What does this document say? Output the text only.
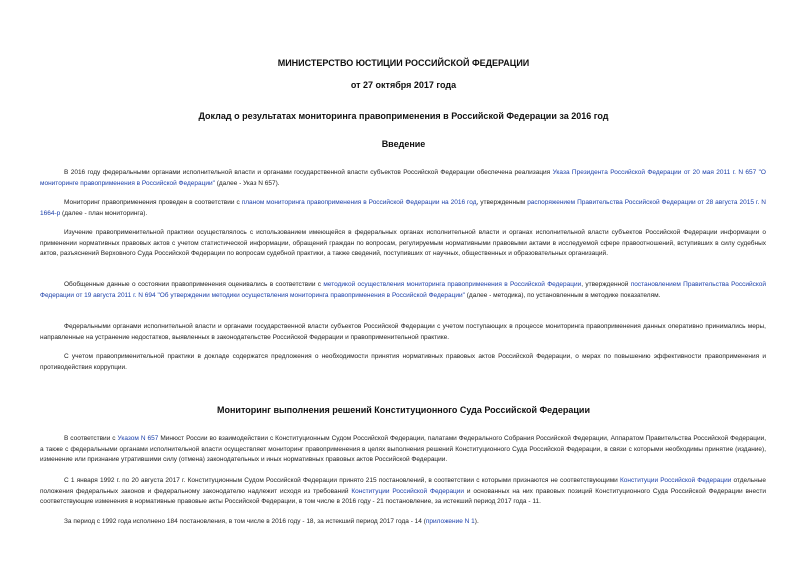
МИНИСТЕРСТВО ЮСТИЦИИ РОССИЙСКОЙ ФЕДЕРАЦИИ
от 27 октября 2017 года
Доклад о результатах мониторинга правоприменения в Российской Федерации за 2016 год
Введение
В 2016 году федеральными органами исполнительной власти и органами государственной власти субъектов Российской Федерации обеспечена реализация Указа Президента Российской Федерации от 20 мая 2011 г. N 657 "О мониторинге правоприменения в Российской Федерации" (далее - Указ N 657).
Мониторинг правоприменения проведен в соответствии с планом мониторинга правоприменения в Российской Федерации на 2016 год, утвержденным распоряжением Правительства Российской Федерации от 28 августа 2015 г. N 1664-р (далее - план мониторинга).
Изучение правоприменительной практики осуществлялось с использованием имеющейся в федеральных органах исполнительной власти и органах исполнительной власти субъектов Российской Федерации информации о применении нормативных правовых актов с учетом статистической информации, обращений граждан по вопросам, регулируемым нормативными правовыми актами в исследуемой сфере правоотношений, вступивших в силу судебных актов, разъяснений Верховного Суда Российской Федерации по вопросам судебной практики, а также сведений, поступивших от научных, общественных и образовательных организаций.
Обобщенные данные о состоянии правоприменения оценивались в соответствии с методикой осуществления мониторинга правоприменения в Российской Федерации, утвержденной постановлением Правительства Российской Федерации от 19 августа 2011 г. N 694 "Об утверждении методики осуществления мониторинга правоприменения в Российской Федерации" (далее - методика), по установленным в методике показателям.
Федеральными органами исполнительной власти и органами государственной власти субъектов Российской Федерации с учетом поступающих в процессе мониторинга правоприменения данных оперативно принимались меры, направленные на устранение недостатков, выявленных в законодательстве Российской Федерации и правоприменительной практике.
С учетом правоприменительной практики в докладе содержатся предложения о необходимости принятия нормативных правовых актов Российской Федерации, о мерах по повышению эффективности правоприменения и противодействия коррупции.
Мониторинг выполнения решений Конституционного Суда Российской Федерации
В соответствии с Указом N 657 Минюст России во взаимодействии с Конституционным Судом Российской Федерации, палатами Федерального Собрания Российской Федерации, Аппаратом Правительства Российской Федерации, а также с федеральными органами исполнительной власти осуществляет мониторинг правоприменения в целях выполнения решений Конституционного Суда Российской Федерации, в связи с которыми необходимы принятие (издание), изменение или признание утратившими силу (отмена) законодательных и иных нормативных правовых актов Российской Федерации.
С 1 января 1992 г. по 20 августа 2017 г. Конституционным Судом Российской Федерации принято 215 постановлений, в соответствии с которыми признаются не соответствующими Конституции Российской Федерации отдельные положения федеральных законов и федеральному законодателю надлежит исходя из требований Конституции Российской Федерации и основанных на них правовых позиций Конституционного Суда Российской Федерации внести соответствующие изменения в нормативные правовые акты Российской Федерации, в том числе в 2016 году - 21 постановление, за истекший период 2017 года - 11.
За период с 1992 года исполнено 184 постановления, в том числе в 2016 году - 18, за истекший период 2017 года - 14 (приложение N 1).
